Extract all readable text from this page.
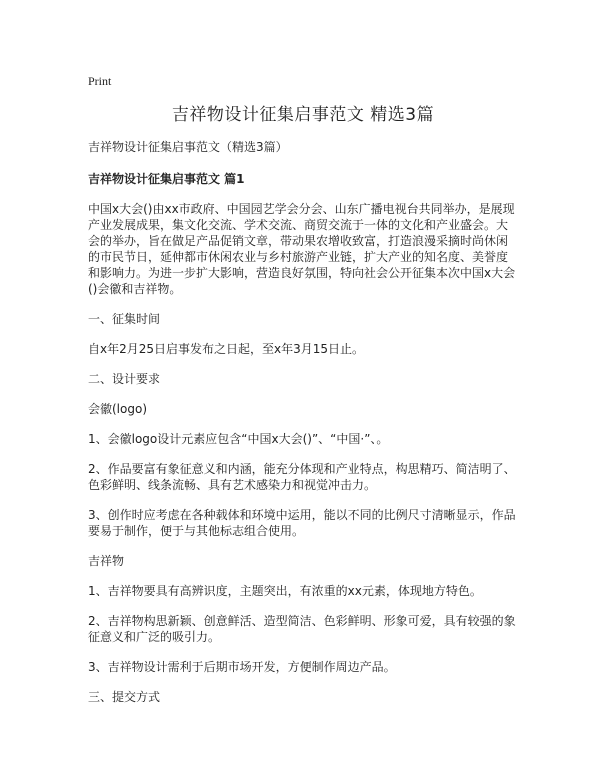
Print
吉祥物设计征集启事范文 精选3篇
吉祥物设计征集启事范文（精选3篇）
吉祥物设计征集启事范文 篇1
中国x大会()由xx市政府、中国园艺学会分会、山东广播电视台共同举办，是展现产业发展成果，集文化交流、学术交流、商贸交流于一体的文化和产业盛会。大会的举办，旨在做足产品促销文章，带动果农增收致富，打造浪漫采摘时尚休闲的市民节日，延伸都市休闲农业与乡村旅游产业链，扩大产业的知名度、美誉度和影响力。为进一步扩大影响，营造良好氛围，特向社会公开征集本次中国x大会()会徽和吉祥物。
一、征集时间
自x年2月25日启事发布之日起，至x年3月15日止。
二、设计要求
会徽(logo)
1、会徽logo设计元素应包含“中国x大会()”、“中国·”、。
2、作品要富有象征意义和内涵，能充分体现和产业特点，构思精巧、简洁明了、色彩鲜明、线条流畅、具有艺术感染力和视觉冲击力。
3、创作时应考虑在各种载体和环境中运用，能以不同的比例尺寸清晰显示，作品要易于制作，便于与其他标志组合使用。
吉祥物
1、吉祥物要具有高辨识度，主题突出，有浓重的xx元素，体现地方特色。
2、吉祥物构思新颖、创意鲜活、造型简洁、色彩鲜明、形象可爱，具有较强的象征意义和广泛的吸引力。
3、吉祥物设计需利于后期市场开发，方便制作周边产品。
三、提交方式
